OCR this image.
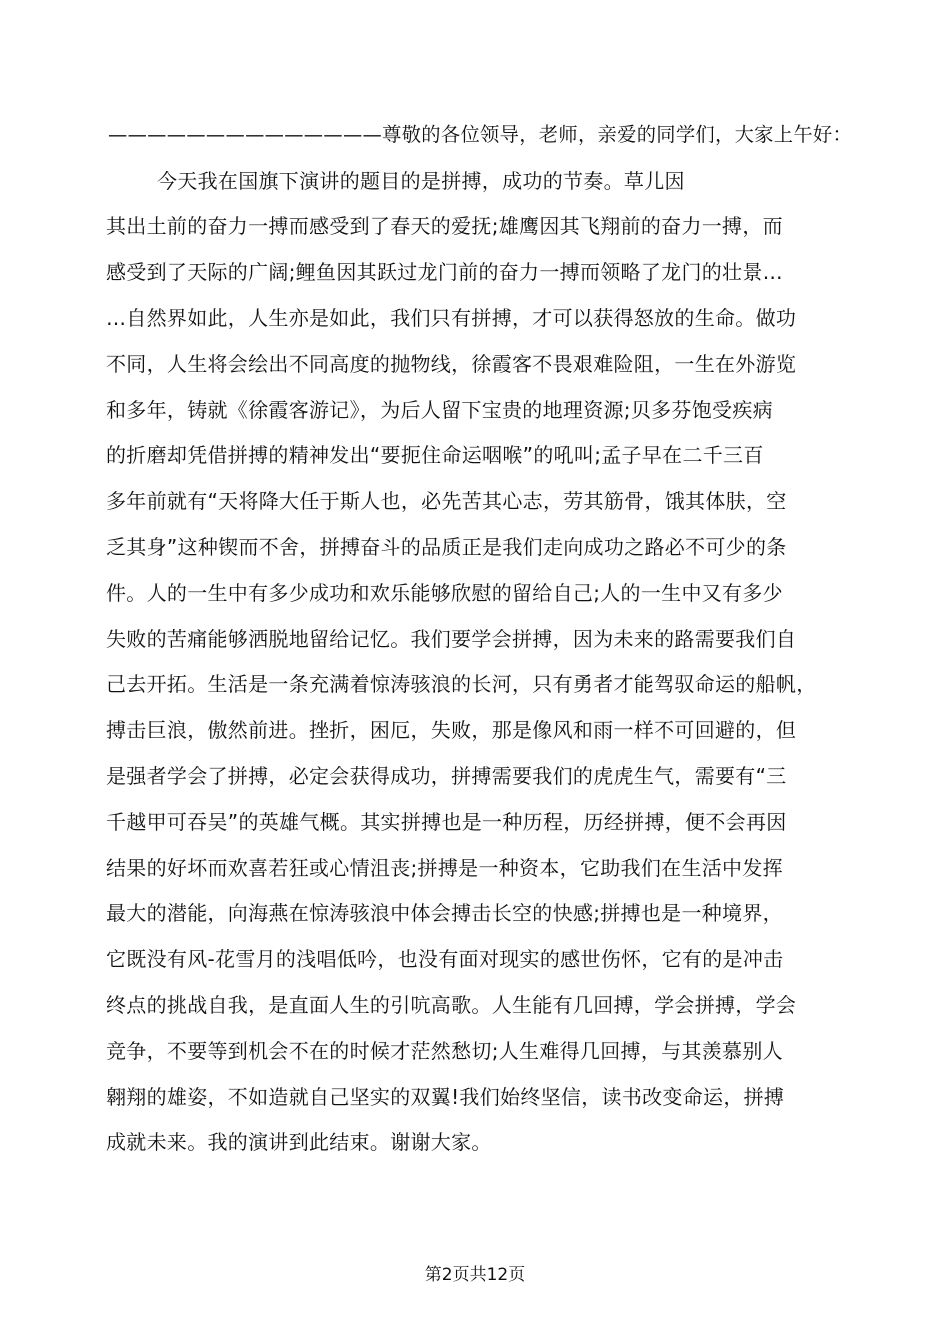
——————————————尊敬的各位领导，老师，亲爱的同学们，大家上午好：
今天我在国旗下演讲的题目的是拼搏，成功的节奏。草儿因
其出土前的奋力一搏而感受到了春天的爱抚;雄鹰因其飞翔前的奋力一搏，而
感受到了天际的广阔;鲤鱼因其跃过龙门前的奋力一搏而领略了龙门的壮景…
…自然界如此，人生亦是如此，我们只有拼搏，才可以获得怒放的生命。做功
不同，人生将会绘出不同高度的抛物线，徐霞客不畏艰难险阻，一生在外游览
和多年，铸就《徐霞客游记》，为后人留下宝贵的地理资源;贝多芬饱受疾病
的折磨却凭借拼搏的精神发出“要扼住命运咽喉”的吼叫;孟子早在二千三百
多年前就有“天将降大任于斯人也，必先苦其心志，劳其筋骨，饿其体肤，空
乏其身”这种锲而不舍，拼搏奋斗的品质正是我们走向成功之路必不可少的条
件。人的一生中有多少成功和欢乐能够欣慰的留给自己;人的一生中又有多少
失败的苦痛能够洒脱地留给记忆。我们要学会拼搏，因为未来的路需要我们自
己去开拓。生活是一条充满着惊涛骇浪的长河，只有勇者才能驾驭命运的船帆，
搏击巨浪，傲然前进。挫折，困厄，失败，那是像风和雨一样不可回避的，但
是强者学会了拼搏，必定会获得成功，拼搏需要我们的虎虎生气，需要有“三
千越甲可吞吴”的英雄气概。其实拼搏也是一种历程，历经拼搏，便不会再因
结果的好坏而欢喜若狂或心情沮丧;拼搏是一种资本，它助我们在生活中发挥
最大的潜能，向海燕在惊涛骇浪中体会搏击长空的快感;拼搏也是一种境界，
它既没有风-花雪月的浅唱低吟，也没有面对现实的感世伤怀，它有的是冲击
终点的挑战自我，是直面人生的引吭高歌。人生能有几回搏，学会拼搏，学会
竞争，不要等到机会不在的时候才茫然愁切;人生难得几回搏，与其羡慕别人
翱翔的雄姿，不如造就自己坚实的双翼!我们始终坚信，读书改变命运，拼搏
成就未来。我的演讲到此结束。谢谢大家。
第2页共12页
